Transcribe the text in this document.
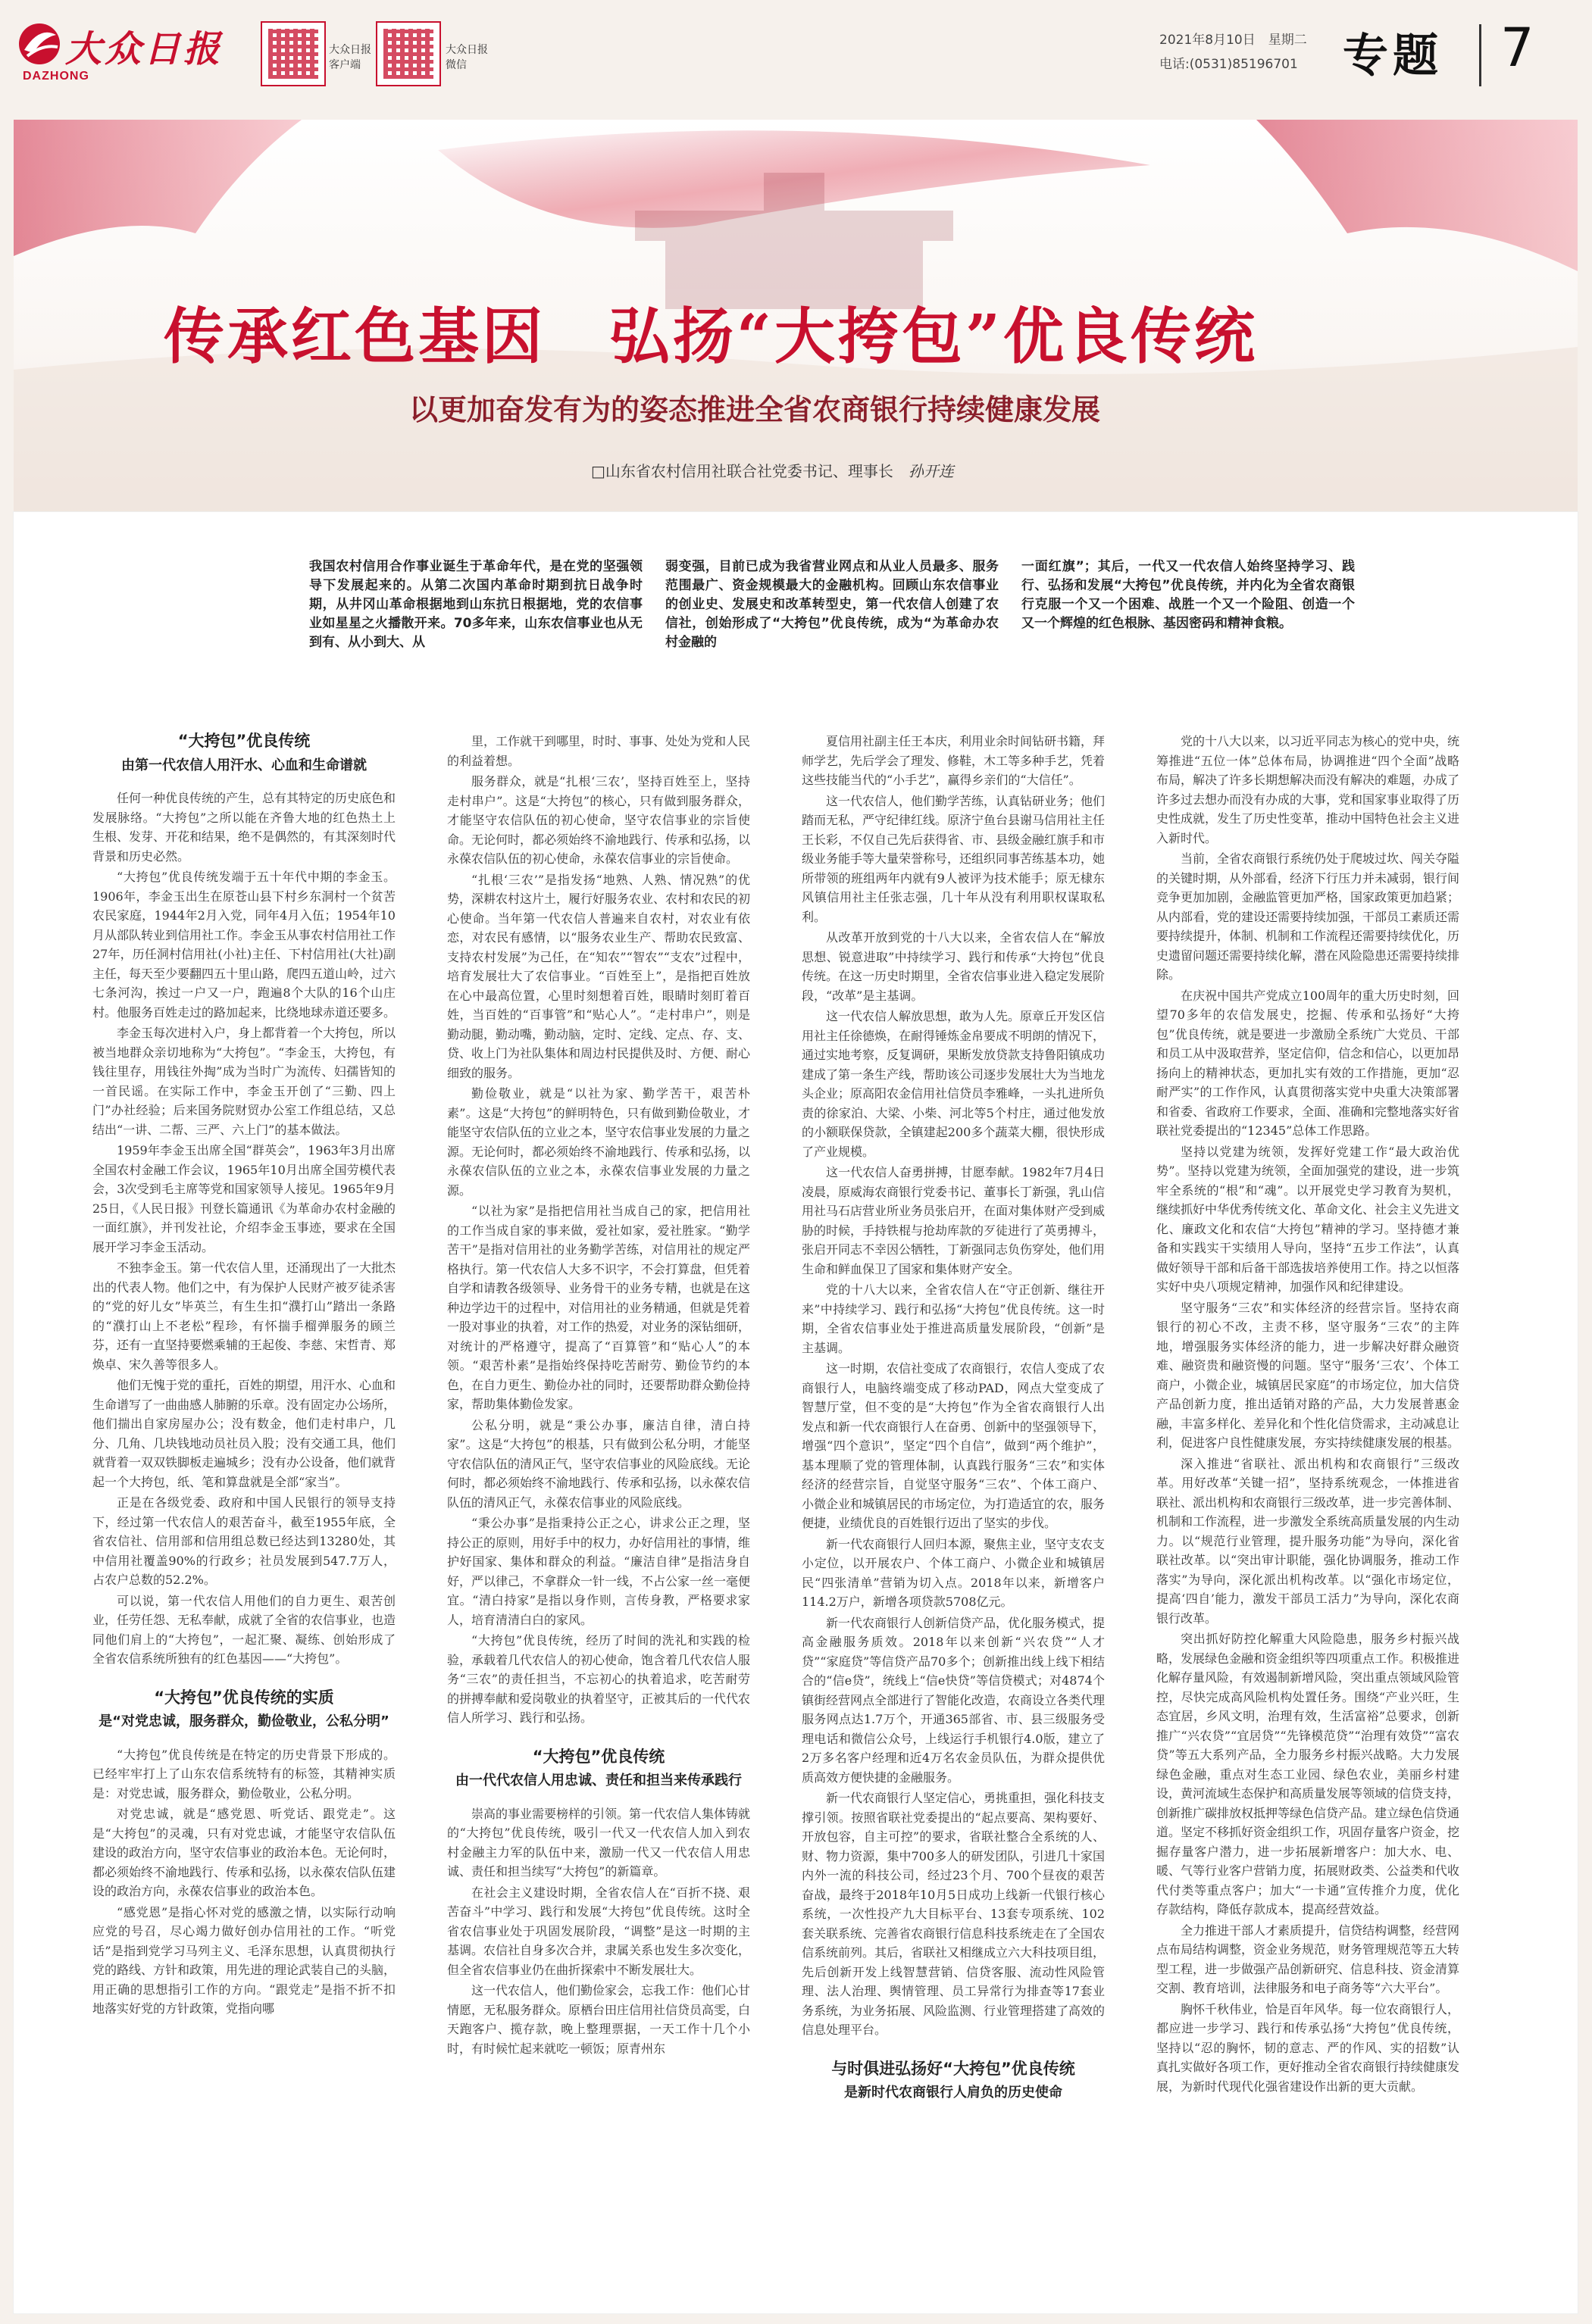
大众日报
DAZHONG
大众日报
客户端
大众日报
微信
2021年8月10日　星期二
电话:(0531)85196701 专题 7
传承红色基因　弘扬“大挎包”优良传统
以更加奋发有为的姿态推进全省农商银行持续健康发展
□山东省农村信用社联合社党委书记、理事长 孙开连
我国农村信用合作事业诞生于革命年代，是在党的坚强领导下发展起来的。从第二次国内革命时期到抗日战争时期，从井冈山革命根据地到山东抗日根据地，党的农信事业如星星之火播散开来。70多年来，山东农信事业也从无到有、从小到大、从
弱变强，目前已成为我省营业网点和从业人员最多、服务范围最广、资金规模最大的金融机构。回顾山东农信事业的创业史、发展史和改革转型史，第一代农信人创建了农信社，创始形成了“大挎包”优良传统，成为“为革命办农村金融的
一面红旗”；其后，一代又一代农信人始终坚持学习、践行、弘扬和发展“大挎包”优良传统，并内化为全省农商银行克服一个又一个困难、战胜一个又一个险阻、创造一个又一个辉煌的红色根脉、基因密码和精神食粮。
“大挎包”优良传统
由第一代农信人用汗水、心血和生命谱就

任何一种优良传统的产生，总有其特定的历史底色和发展脉络。“大挎包”之所以能在齐鲁大地的红色热土上生根、发芽、开花和结果，绝不是偶然的，有其深刻时代背景和历史必然。

“大挎包”优良传统发端于五十年代中期的李金玉。1906年，李金玉出生在原苍山县下村乡东洞村一个贫苦农民家庭，1944年2月入党，同年4月入伍；1954年10月从部队转业到信用社工作。李金玉从事农村信用社工作27年，历任洞村信用社(小社)主任、下村信用社(大社)副主任，每天至少要翻四五十里山路，爬四五道山岭，过六七条河沟，挨过一户又一户，跑遍8个大队的16个山庄村。他服务百姓走过的路加起来，比绕地球赤道还要多。

李金玉每次进村入户，身上都背着一个大挎包，所以被当地群众亲切地称为“大挎包”。“李金玉，大挎包，有钱往里存，用钱往外掏”成为当时广为流传、妇孺皆知的一首民谣。在实际工作中，李金玉开创了“三勤、四上门”办社经验；后来国务院财贸办公室工作组总结，又总结出“一讲、二帮、三严、六上门”的基本做法。

1959年李金玉出席全国“群英会”，1963年3月出席全国农村金融工作会议，1965年10月出席全国劳模代表会，3次受到毛主席等党和国家领导人接见。1965年9月25日，《人民日报》刊登长篇通讯《为革命办农村金融的一面红旗》，并刊发社论，介绍李金玉事迹，要求在全国展开学习李金玉活动。

不独李金玉。第一代农信人里，还涌现出了一大批杰出的代表人物。他们之中，有为保护人民财产被歹徒杀害的“党的好儿女”毕英兰，有生生扣“濮打山”踏出一条路的“濮打山上不老松”程珍，有怀揣手榴弹服务的顾兰芬，还有一直坚持要燃乘辅的王起俊、李慈、宋哲青、郑焕卓、宋久善等很多人。

他们无愧于党的重托，百姓的期望，用汗水、心血和生命谱写了一曲曲感人肺腑的乐章。没有固定办公场所，他们揣出自家房屋办公；没有数金，他们走村串户，几分、几角、几块钱地动员社员入股；没有交通工具，他们就背着一双双铁脚板走遍城乡；没有办公设备，他们就背起一个大挎包，纸、笔和算盘就是全部“家当”。

正是在各级党委、政府和中国人民银行的领导支持下，经过第一代农信人的艰苦奋斗，截至1955年底，全省农信社、信用部和信用组总数已经达到13280处，其中信用社覆盖90%的行政乡；社员发展到547.7万人，占农户总数的52.2%。

可以说，第一代农信人用他们的自力更生、艰苦创业，任劳任怨、无私奉献，成就了全省的农信事业，也造同他们肩上的“大挎包”，一起汇聚、凝练、创始形成了全省农信系统所独有的红色基因——“大挎包”。

“大挎包”优良传统的实质
是“对党忠诚，服务群众，勤俭敬业，公私分明”

“大挎包”优良传统是在特定的历史背景下形成的。已经牢牢打上了山东农信系统特有的标签，其精神实质是：对党忠诚，服务群众，勤俭敬业，公私分明。

对党忠诚，就是“感党恩、听党话、跟党走”。这是“大挎包”的灵魂，只有对党忠诚，才能坚守农信队伍建设的政治方向，坚守农信事业的政治本色。无论何时，都必须始终不渝地践行、传承和弘扬，以永葆农信队伍建设的政治方向，永葆农信事业的政治本色。

“感党恩”是指心怀对党的感激之情，以实际行动响应党的号召，尽心竭力做好创办信用社的工作。“听党话”是指到党学习马列主义、毛泽东思想，认真贯彻执行党的路线、方针和政策，用先进的理论武装自己的头脑，用正确的思想指引工作的方向。“跟党走”是指不折不扣地落实好党的方针政策，党指向哪

里，工作就干到哪里，时时、事事、处处为党和人民的利益着想。

服务群众，就是“扎根‘三农’，坚持百姓至上，坚持走村串户”。这是“大挎包”的核心，只有做到服务群众，才能坚守农信队伍的初心使命，坚守农信事业的宗旨使命。无论何时，都必须始终不渝地践行、传承和弘扬，以永葆农信队伍的初心使命，永葆农信事业的宗旨使命。

“扎根‘三农’”是指发扬“地熟、人熟、情况熟”的优势，深耕农村这片土，履行好服务农业、农村和农民的初心使命。当年第一代农信人普遍来自农村，对农业有依恋，对农民有感情，以“服务农业生产、帮助农民致富、支持农村发展”为己任，在“知农”“智农”“支农”过程中，培育发展壮大了农信事业。“百姓至上”，是指把百姓放在心中最高位置，心里时刻想着百姓，眼睛时刻盯着百姓，当百姓的“百事管”和“贴心人”。“走村串户”，则是勤动腿，勤动嘴，勤动脑，定时、定线、定点、存、支、贷、收上门为社队集体和周边村民提供及时、方便、耐心细致的服务。

勤俭敬业，就是“以社为家、勤学苦干，艰苦朴素”。这是“大挎包”的鲜明特色，只有做到勤俭敬业，才能坚守农信队伍的立业之本，坚守农信事业发展的力量之源。无论何时，都必须始终不渝地践行、传承和弘扬，以永葆农信队伍的立业之本，永葆农信事业发展的力量之源。

“以社为家”是指把信用社当成自己的家，把信用社的工作当成自家的事来做，爱社如家，爱社胜家。“勤学苦干”是指对信用社的业务勤学苦练，对信用社的规定严格执行。第一代农信人大多不识字，不会打算盘，但凭着自学和请教各级领导、业务骨干的业务专精，也就是在这种边学边干的过程中，对信用社的业务精通，但就是凭着一股对事业的执着，对工作的热爱，对业务的深钻细研，对统计的严格遵守，提高了“百算管”和“贴心人”的本领。“艰苦朴素”是指始终保持吃苦耐劳、勤俭节约的本色，在自力更生、勤俭办社的同时，还要帮助群众勤俭持家，帮助集体勤俭发家。

公私分明，就是“秉公办事，廉洁自律，清白持家”。这是“大挎包”的根基，只有做到公私分明，才能坚守农信队伍的清风正气，坚守农信事业的风险底线。无论何时，都必须始终不渝地践行、传承和弘扬，以永葆农信队伍的清风正气，永葆农信事业的风险底线。

“秉公办事”是指秉持公正之心，讲求公正之理，坚持公正的原则，用好手中的权力，办好信用社的事情，维护好国家、集体和群众的利益。“廉洁自律”是指洁身自好，严以律己，不拿群众一针一线，不占公家一丝一毫便宜。“清白持家”是指以身作则，言传身教，严格要求家人，培育清清白白的家风。

“大挎包”优良传统，经历了时间的洗礼和实践的检验，承载着几代农信人的初心使命，饱含着几代农信人服务“三农”的责任担当，不忘初心的执着追求，吃苦耐劳的拼搏奉献和爱岗敬业的执着坚守，正被其后的一代代农信人所学习、践行和弘扬。

“大挎包”优良传统
由一代代农信人用忠诚、责任和担当来传承践行

崇高的事业需要榜样的引领。第一代农信人集体铸就的“大挎包”优良传统，吸引一代又一代农信人加入到农村金融主力军的队伍中来，激励一代又一代农信人用忠诚、责任和担当续写“大挎包”的新篇章。

在社会主义建设时期，全省农信人在“百折不挠、艰苦奋斗”中学习、践行和发展“大挎包”优良传统。这时全省农信事业处于巩固发展阶段，“调整”是这一时期的主基调。农信社自身多次合并，隶属关系也发生多次变化，但全省农信事业仍在曲折探索中不断发展壮大。

这一代农信人，他们勤俭家会，忘我工作：他们心甘情愿，无私服务群众。原栖台田庄信用社信贷员高雯，白天跑客户、揽存款，晚上整理票据，一天工作十几个小时，有时候忙起来就吃一顿饭；原青州东

夏信用社副主任王本庆，利用业余时间钻研书籍，拜师学艺，先后学会了理发、修鞋，木工等多种手艺，凭着这些技能当代的“小手艺”，赢得乡亲们的“大信任”。

这一代农信人，他们勤学苦练，认真钻研业务；他们踏而无私，严守纪律红线。原济宁鱼台县谢马信用社主任王长彩，不仅自己先后获得省、市、县级金融红旗手和市级业务能手等大量荣誉称号，还组织同事苦练基本功，她所带领的班组两年内就有9人被评为技术能手；原无棣东风镇信用社主任张志强，几十年从没有利用职权谋取私利。

从改革开放到党的十八大以来，全省农信人在“解放思想、锐意进取”中持续学习、践行和传承“大挎包”优良传统。在这一历史时期里，全省农信事业进入稳定发展阶段，“改革”是主基调。

这一代农信人解放思想，敢为人先。原章丘开发区信用社主任徐德焕，在耐得锤炼金帛要成不明朗的情况下，通过实地考察，反复调研，果断发放贷款支持鲁阳镇成功建成了第一条生产线，帮助该公司逐步发展壮大为当地龙头企业；原高阳农金信用社信贷员李雅峰，一头扎进所负责的徐家泊、大梁、小柴、河北等5个村庄，通过他发放的小额联保贷款，全镇建起200多个蔬菜大棚，很快形成了产业规模。

这一代农信人奋勇拼搏，甘愿奉献。1982年7月4日凌晨，原威海农商银行党委书记、董事长丁新强，乳山信用社马石店营业所业务员张启开，在面对集体财产受到威胁的时候，手持铁棍与抢劫库款的歹徒进行了英勇搏斗，张启开同志不幸因公牺牲，丁新强同志负伤穿处，他们用生命和鲜血保卫了国家和集体财产安全。

党的十八大以来，全省农信人在“守正创新、继往开来”中持续学习、践行和弘扬“大挎包”优良传统。这一时期，全省农信事业处于推进高质量发展阶段，“创新”是主基调。

这一时期，农信社变成了农商银行，农信人变成了农商银行人，电脑终端变成了移动PAD，网点大堂变成了智慧厅堂，但不变的是“大挎包”作为全省农商银行人出发点和新一代农商银行人在奋勇、创新中的坚强领导下，增强“四个意识”，坚定“四个自信”，做到“两个维护”，基本理顺了党的管理体制，认真践行服务“三农”和实体经济的经营宗旨，自觉坚守服务“三农”、个体工商户、小微企业和城镇居民的市场定位，为打造适宜的农，服务便捷，业绩优良的百姓银行迈出了坚实的步伐。

新一代农商银行人回归本源，聚焦主业，坚守支农支小定位，以开展农户、个体工商户、小微企业和城镇居民“四张清单”营销为切入点。2018年以来，新增客户114.2万户，新增各项贷款5708亿元。

新一代农商银行人创新信贷产品，优化服务模式，提高金融服务质效。2018年以来创新“兴农贷”“人才贷”“家庭贷”等信贷产品70多个；创新推出线上线下相结合的“信e贷”，统线上“信e快贷”等信贷模式；对4874个镇街经营网点全部进行了智能化改造，农商设立各类代理服务网点达1.7万个，开通365部省、市、县三级服务受理电话和微信公众号，上线运行手机银行4.0版，建立了2万多名客户经理和近4万名农金员队伍，为群众提供优质高效方便快捷的金融服务。

新一代农商银行人坚定信心，勇挑重担，强化科技支撑引领。按照省联社党委提出的“起点要高、架构要好、开放包容，自主可控”的要求，省联社整合全系统的人、财、物力资源，集中700多人的研发团队，引进几十家国内外一流的科技公司，经过23个月、700个昼夜的艰苦奋战，最终于2018年10月5日成功上线新一代银行核心系统，一次性投产九大目标平台、13套专项系统、102套关联系统、完善省农商银行信息科技系统走在了全国农信系统前列。其后，省联社又相继成立六大科技项目组，先后创新开发上线智慧营销、信贷客服、流动性风险管理、法人治理、舆情管理、员工异常行为排查等17套业务系统，为业务拓展、风险监测、行业管理搭建了高效的信息处理平台。

与时俱进弘扬好“大挎包”优良传统
是新时代农商银行人肩负的历史使命

党的十八大以来，以习近平同志为核心的党中央，统筹推进“五位一体”总体布局，协调推进“四个全面”战略布局，解决了许多长期想解决而没有解决的难题，办成了许多过去想办而没有办成的大事，党和国家事业取得了历史性成就，发生了历史性变革，推动中国特色社会主义进入新时代。

当前，全省农商银行系统仍处于爬坡过坎、闯关夺隘的关键时期，从外部看，经济下行压力并未减弱，银行间竞争更加加剧，金融监管更加严格，国家政策更加趋紧；从内部看，党的建设还需要持续加强，干部员工素质还需要持续提升，体制、机制和工作流程还需要持续优化，历史遗留问题还需要持续化解，潜在风险隐患还需要持续排除。

在庆祝中国共产党成立100周年的重大历史时刻，回望70多年的农信发展史，挖掘、传承和弘扬好“大挎包”优良传统，就是要进一步激励全系统广大党员、干部和员工从中汲取营养，坚定信仰，信念和信心，以更加昂扬向上的精神状态，更加扎实有效的工作措施，更加“忍耐严实”的工作作风，认真贯彻落实党中央重大决策部署和省委、省政府工作要求，全面、准确和完整地落实好省联社党委提出的“12345”总体工作思路。

坚持以党建为统领，发挥好党建工作“最大政治优势”。坚持以党建为统领，全面加强党的建设，进一步筑牢全系统的“根”和“魂”。以开展党史学习教育为契机，继续抓好中华优秀传统文化、革命文化、社会主义先进文化、廉政文化和农信“大挎包”精神的学习。坚持德才兼备和实践实干实绩用人导向，坚持“五步工作法”，认真做好领导干部和后备干部选拔培养使用工作。持之以恒落实好中央八项规定精神，加强作风和纪律建设。

坚守服务“三农”和实体经济的经营宗旨。坚持农商银行的初心不改，主责不移，坚守服务“三农”的主阵地，增强服务实体经济的能力，进一步解决好群众融资难、融资贵和融资慢的问题。坚守“服务‘三农’、个体工商户，小微企业，城镇居民家庭”的市场定位，加大信贷产品创新力度，推出适销对路的产品，大力发展普惠金融，丰富多样化、差异化和个性化信贷需求，主动减息让利，促进客户良性健康发展，夯实持续健康发展的根基。

深入推进“省联社、派出机构和农商银行”三级改革。用好改革“关键一招”，坚持系统观念，一体推进省联社、派出机构和农商银行三级改革，进一步完善体制、机制和工作流程，进一步激发全系统高质量发展的内生动力。以“规范行业管理，提升服务功能”为导向，深化省联社改革。以“突出审计职能，强化协调服务，推动工作落实”为导向，深化派出机构改革。以“强化市场定位，提高‘四自’能力，激发干部员工活力”为导向，深化农商银行改革。

突出抓好防控化解重大风险隐患，服务乡村振兴战略，发展绿色金融和资金组织等四项重点工作。积极推进化解存量风险，有效遏制新增风险，突出重点领域风险管控，尽快完成高风险机构处置任务。围绕“产业兴旺，生态宜居，乡风文明，治理有效，生活富裕”总要求，创新推广“兴农贷”“宜居贷”“先锋模范贷”“治理有效贷”“富农贷”等五大系列产品，全力服务乡村振兴战略。大力发展绿色金融，重点对生态工业园、绿色农业，美丽乡村建设，黄河流域生态保护和高质量发展等领域的信贷支持，创新推广碳排放权抵押等绿色信贷产品。建立绿色信贷通道。坚定不移抓好资金组织工作，巩固存量客户资金，挖掘存量客户潜力，进一步拓展新增客户：加大水、电、暖、气等行业客户营销力度，拓展财政类、公益类和代收代付类等重点客户；加大“一卡通”宣传推介力度，优化存款结构，降低存款成本，提高经营效益。

全力推进干部人才素质提升，信贷结构调整，经营网点布局结构调整，资金业务规范，财务管理规范等五大转型工程，进一步做强产品创新研究、信息科技、资金清算交割、教育培训，法律服务和电子商务等“六大平台”。

胸怀千秋伟业，恰是百年风华。每一位农商银行人，都应进一步学习、践行和传承弘扬“大挎包”优良传统，坚持以“忍的胸怀，韧的意志、严的作风、实的招数”认真扎实做好各项工作，更好推动全省农商银行持续健康发展，为新时代现代化强省建设作出新的更大贡献。
